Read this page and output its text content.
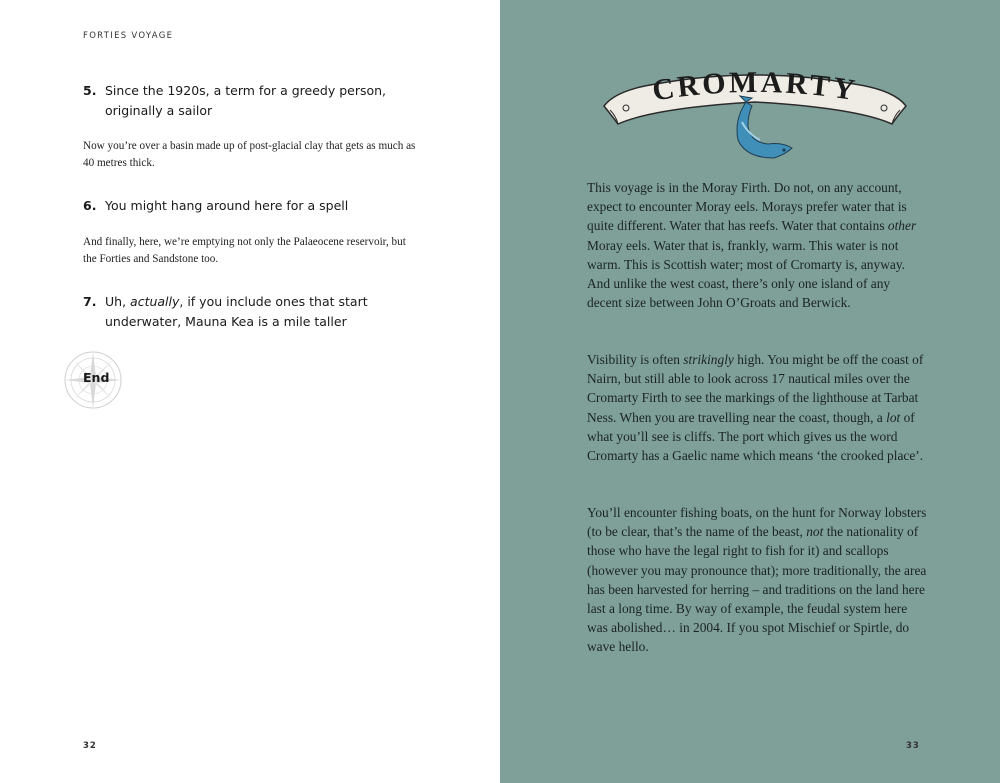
FORTIES VOYAGE
5. Since the 1920s, a term for a greedy person, originally a sailor
Now you’re over a basin made up of post-glacial clay that gets as much as 40 metres thick.
6. You might hang around here for a spell
And finally, here, we’re emptying not only the Palaeocene reservoir, but the Forties and Sandstone too.
7. Uh, actually, if you include ones that start underwater, Mauna Kea is a mile taller
End
32
CROMARTY
This voyage is in the Moray Firth. Do not, on any account, expect to encounter Moray eels. Morays prefer water that is quite different. Water that has reefs. Water that contains other Moray eels. Water that is, frankly, warm. This water is not warm. This is Scottish water; most of Cromarty is, anyway. And unlike the west coast, there’s only one island of any decent size between John O’Groats and Berwick.
Visibility is often strikingly high. You might be off the coast of Nairn, but still able to look across 17 nautical miles over the Cromarty Firth to see the markings of the lighthouse at Tarbat Ness. When you are travelling near the coast, though, a lot of what you’ll see is cliffs. The port which gives us the word Cromarty has a Gaelic name which means ‘the crooked place’.
You’ll encounter fishing boats, on the hunt for Norway lobsters (to be clear, that’s the name of the beast, not the nationality of those who have the legal right to fish for it) and scallops (however you may pronounce that); more traditionally, the area has been harvested for herring – and traditions on the land here last a long time. By way of example, the feudal system here was abolished… in 2004. If you spot Mischief or Spirtle, do wave hello.
33
